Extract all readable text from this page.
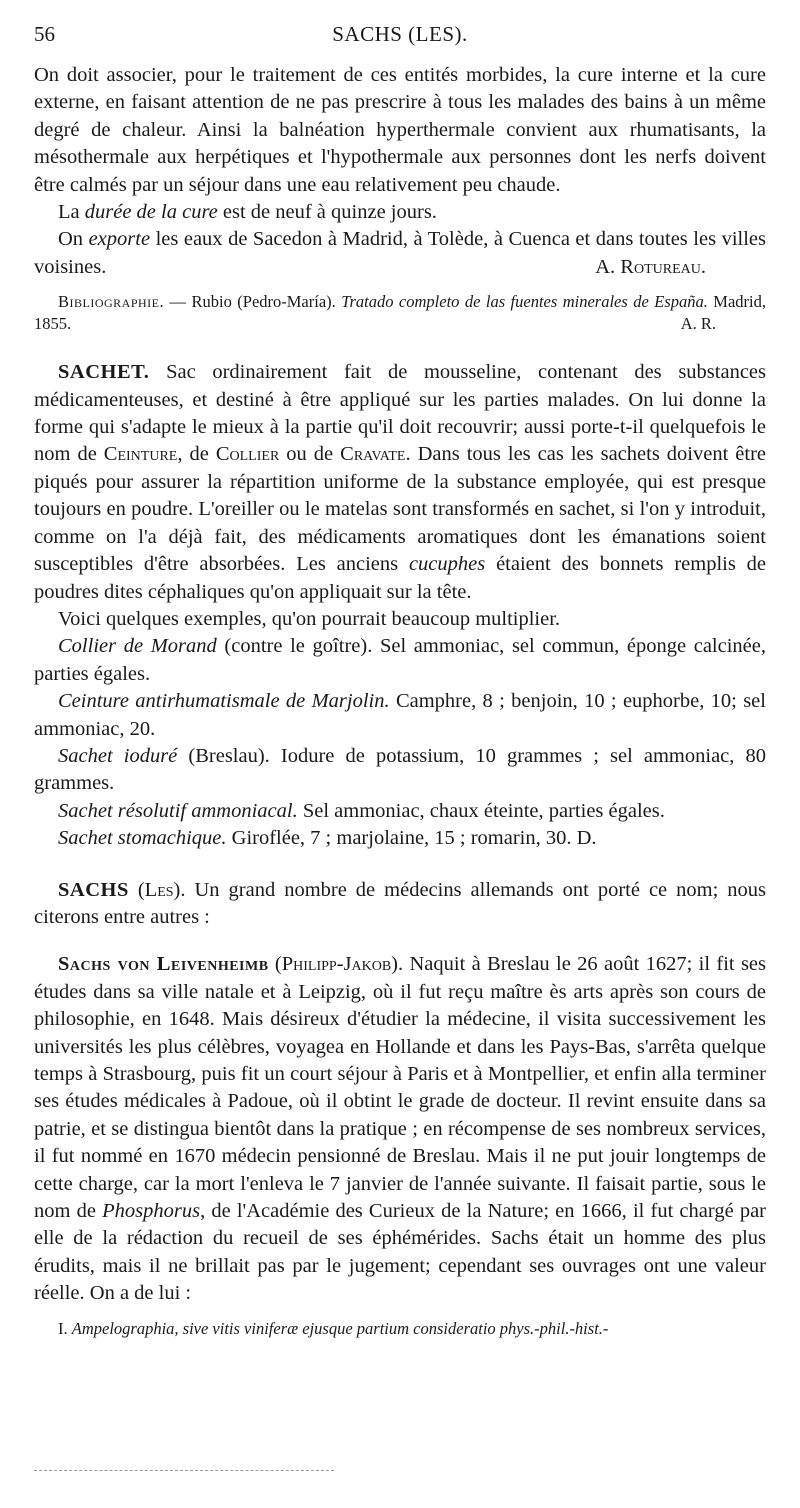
56	SACHS (LES).

On doit associer, pour le traitement de ces entités morbides, la cure interne et la cure externe, en faisant attention de ne pas prescrire à tous les malades des bains à un même degré de chaleur. Ainsi la balnéation hyperthermale convient aux rhumatisants, la mésothermale aux herpétiques et l'hypothermale aux personnes dont les nerfs doivent être calmés par un séjour dans une eau relativement peu chaude.

La durée de la cure est de neuf à quinze jours.

On exporte les eaux de Sacedon à Madrid, à Tolède, à Cuenca et dans toutes les villes voisines.	A. Rotureau.

Bibliographie. — Rubio (Pedro-María). Tratado completo de las fuentes minerales de España. Madrid, 1855.	A. R.

SACHET. Sac ordinairement fait de mousseline, contenant des substances médicamenteuses, et destiné à être appliqué sur les parties malades. On lui donne la forme qui s'adapte le mieux à la partie qu'il doit recouvrir; aussi porte-t-il quelquefois le nom de Ceinture, de Collier ou de Cravate. Dans tous les cas les sachets doivent être piqués pour assurer la répartition uniforme de la substance employée, qui est presque toujours en poudre. L'oreiller ou le matelas sont transformés en sachet, si l'on y introduit, comme on l'a déjà fait, des médicaments aromatiques dont les émanations soient susceptibles d'être absorbées. Les anciens cucuphes étaient des bonnets remplis de poudres dites céphaliques qu'on appliquait sur la tête.

Voici quelques exemples, qu'on pourrait beaucoup multiplier.

Collier de Morand (contre le goître). Sel ammoniac, sel commun, éponge calcinée, parties égales.

Ceinture antirhumatismale de Marjolin. Camphre, 8 ; benjoin, 10 ; euphorbe, 10; sel ammoniac, 20.

Sachet ioduré (Breslau). Iodure de potassium, 10 grammes ; sel ammoniac, 80 grammes.

Sachet résolutif ammoniacal. Sel ammoniac, chaux éteinte, parties égales.

Sachet stomachique. Giroflée, 7 ; marjolaine, 15 ; romarin, 30. D.

SACHS (Les). Un grand nombre de médecins allemands ont porté ce nom; nous citerons entre autres :

Sachs von Leivenheimb (Philipp-Jakob). Naquit à Breslau le 26 août 1627; il fit ses études dans sa ville natale et à Leipzig, où il fut reçu maître ès arts après son cours de philosophie, en 1648. Mais désireux d'étudier la médecine, il visita successivement les universités les plus célèbres, voyagea en Hollande et dans les Pays-Bas, s'arrêta quelque temps à Strasbourg, puis fit un court séjour à Paris et à Montpellier, et enfin alla terminer ses études médicales à Padoue, où il obtint le grade de docteur. Il revint ensuite dans sa patrie, et se distingua bientôt dans la pratique ; en récompense de ses nombreux services, il fut nommé en 1670 médecin pensionné de Breslau. Mais il ne put jouir longtemps de cette charge, car la mort l'enleva le 7 janvier de l'année suivante. Il faisait partie, sous le nom de Phosphorus, de l'Académie des Curieux de la Nature; en 1666, il fut chargé par elle de la rédaction du recueil de ses éphémérides. Sachs était un homme des plus érudits, mais il ne brillait pas par le jugement; cependant ses ouvrages ont une valeur réelle. On a de lui :

I. Ampelographia, sive vitis viniferæ ejusque partium consideratio phys.-phil.-hist.-
